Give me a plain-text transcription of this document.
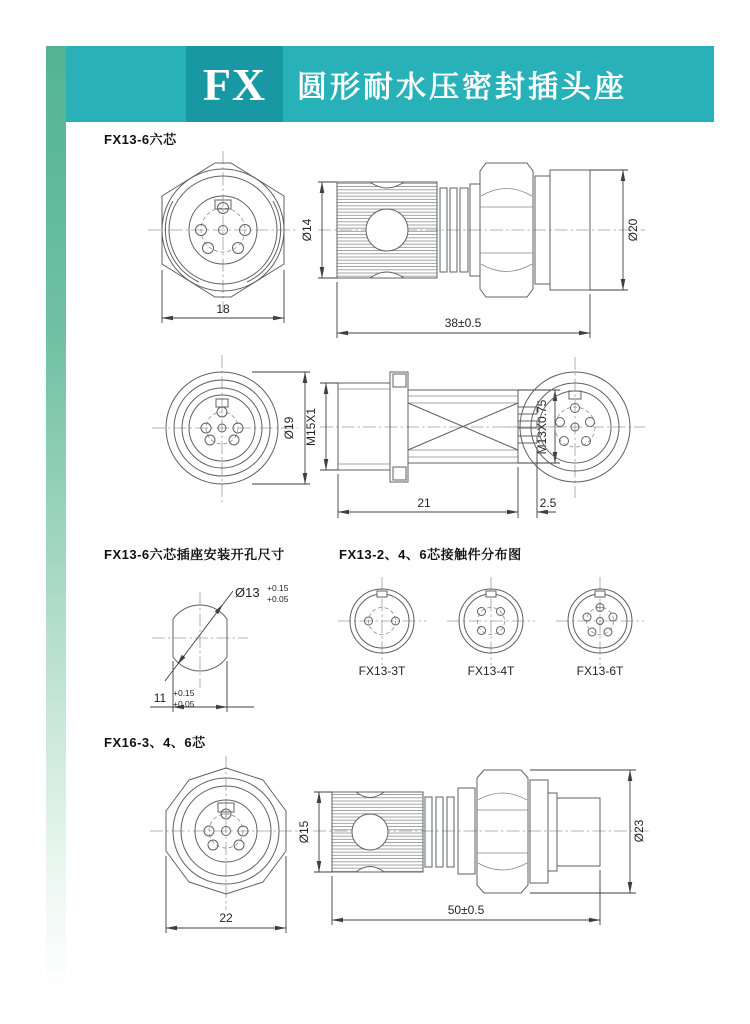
FX 圆形耐水压密封插头座
FX13-6六芯
FX13-6六芯插座安装开孔尺寸	FX13-2、4、6芯接触件分布图
FX16-3、4、6芯
18
Ø14	Ø20
38±0.5
Ø19 M15X1	M13X0.75
21	2.5
Ø13 +0.15
+0.05
11 +0.15
+0.05
FX13-3T	FX13-4T	FX13-6T
22
Ø15	Ø23
50±0.5
